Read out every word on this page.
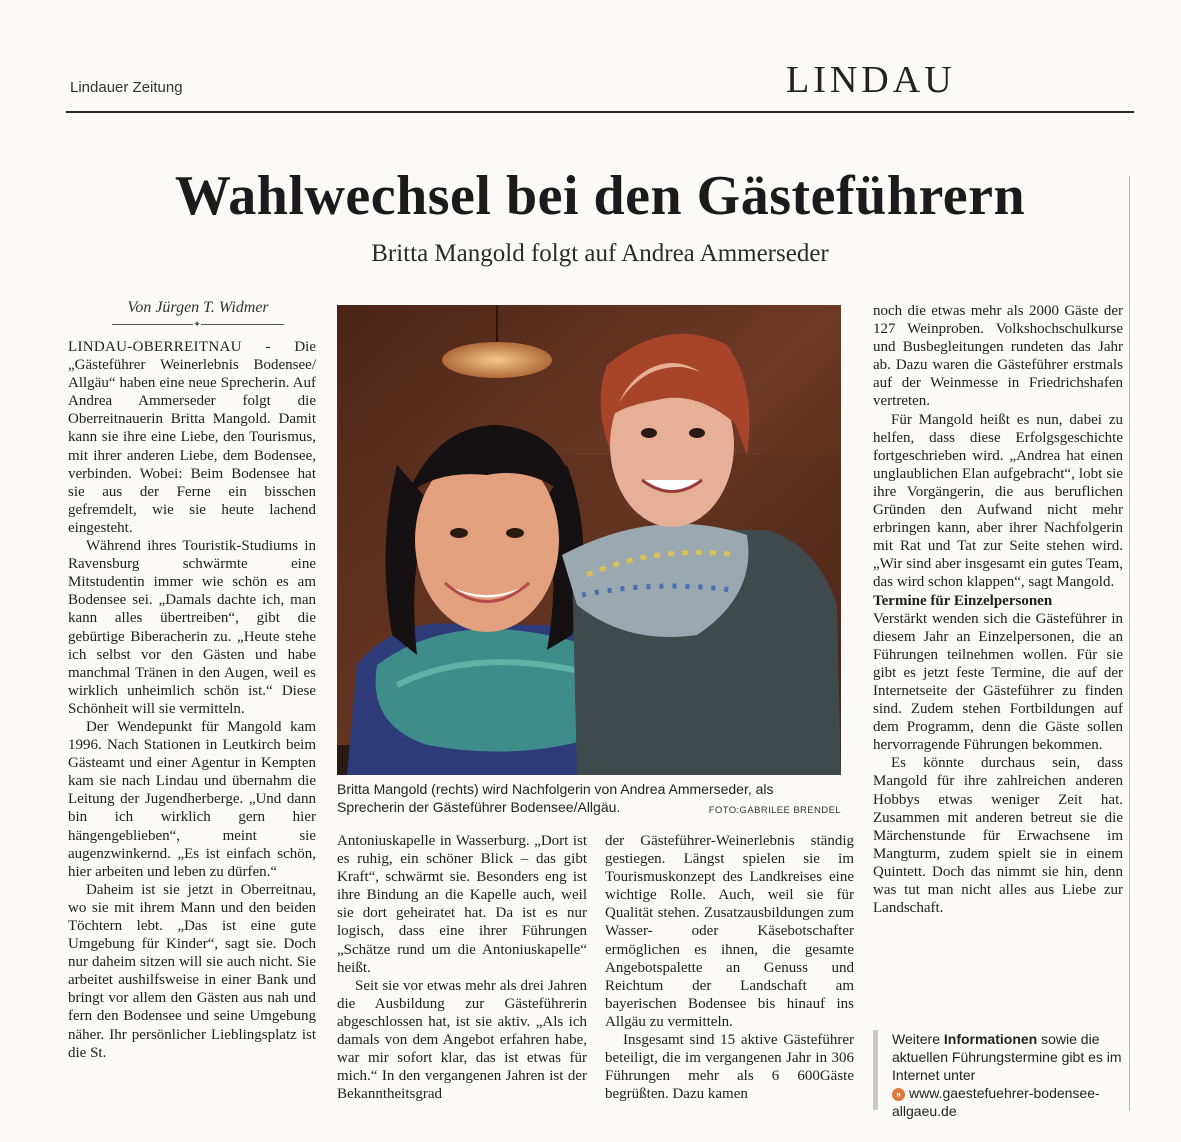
Lindauer Zeitung	LINDAU
Wahlwechsel bei den Gästeführern
Britta Mangold folgt auf Andrea Ammerseder
Von Jürgen T. Widmer
✦

LINDAU-OBERREITNAU - Die „Gästeführer Weinerlebnis Bodensee/ Allgäu“ haben eine neue Sprecherin. Auf Andrea Ammerseder folgt die Oberreitnauerin Britta Mangold. Damit kann sie ihre eine Liebe, den Tourismus, mit ihrer anderen Liebe, dem Bodensee, verbinden. Wobei: Beim Bodensee hat sie aus der Ferne ein bisschen gefremdelt, wie sie heute lachend eingesteht.

Während ihres Touristik-Studiums in Ravensburg schwärmte eine Mitstudentin immer wie schön es am Bodensee sei. „Damals dachte ich, man kann alles übertreiben“, gibt die gebürtige Biberacherin zu. „Heute stehe ich selbst vor den Gästen und habe manchmal Tränen in den Augen, weil es wirklich unheimlich schön ist.“ Diese Schönheit will sie vermitteln.

Der Wendepunkt für Mangold kam 1996. Nach Stationen in Leutkirch beim Gästeamt und einer Agentur in Kempten kam sie nach Lindau und übernahm die Leitung der Jugendherberge. „Und dann bin ich wirklich gern hier hängengeblieben“, meint sie augenzwinkernd. „Es ist einfach schön, hier arbeiten und leben zu dürfen.“

Daheim ist sie jetzt in Oberreitnau, wo sie mit ihrem Mann und den beiden Töchtern lebt. „Das ist eine gute Umgebung für Kinder“, sagt sie. Doch nur daheim sitzen will sie auch nicht. Sie arbeitet aushilfsweise in einer Bank und bringt vor allem den Gästen aus nah und fern den Bodensee und seine Umgebung näher. Ihr persönlicher Lieblingsplatz ist die St.

Britta Mangold (rechts) wird Nachfolgerin von Andrea Ammerseder, als Sprecherin der Gästeführer Bodensee/Allgäu.	FOTO:GABRILEE BRENDEL

Antoniuskapelle in Wasserburg. „Dort ist es ruhig, ein schöner Blick – das gibt Kraft“, schwärmt sie. Besonders eng ist ihre Bindung an die Kapelle auch, weil sie dort geheiratet hat. Da ist es nur logisch, dass eine ihrer Führungen „Schätze rund um die Antoniuskapelle“ heißt.

Seit sie vor etwas mehr als drei Jahren die Ausbildung zur Gästeführerin abgeschlossen hat, ist sie aktiv. „Als ich damals von dem Angebot erfahren habe, war mir sofort klar, das ist etwas für mich.“ In den vergangenen Jahren ist der Bekanntheitsgrad

der Gästeführer-Weinerlebnis ständig gestiegen. Längst spielen sie im Tourismuskonzept des Landkreises eine wichtige Rolle. Auch, weil sie für Qualität stehen. Zusatzausbildungen zum Wasser- oder Käsebotschafter ermöglichen es ihnen, die gesamte Angebotspalette an Genuss und Reichtum der Landschaft am bayerischen Bodensee bis hinauf ins Allgäu zu vermitteln.

Insgesamt sind 15 aktive Gästeführer beteiligt, die im vergangenen Jahr in 306 Führungen mehr als 6 600Gäste begrüßten. Dazu kamen

noch die etwas mehr als 2000 Gäste der 127 Weinproben. Volkshochschulkurse und Busbegleitungen rundeten das Jahr ab. Dazu waren die Gästeführer erstmals auf der Weinmesse in Friedrichshafen vertreten.

Für Mangold heißt es nun, dabei zu helfen, dass diese Erfolgsgeschichte fortgeschrieben wird. „Andrea hat einen unglaublichen Elan aufgebracht“, lobt sie ihre Vorgängerin, die aus beruflichen Gründen den Aufwand nicht mehr erbringen kann, aber ihrer Nachfolgerin mit Rat und Tat zur Seite stehen wird. „Wir sind aber insgesamt ein gutes Team, das wird schon klappen“, sagt Mangold.

Termine für Einzelpersonen

Verstärkt wenden sich die Gästeführer in diesem Jahr an Einzelpersonen, die an Führungen teilnehmen wollen. Für sie gibt es jetzt feste Termine, die auf der Internetseite der Gästeführer zu finden sind. Zudem stehen Fortbildungen auf dem Programm, denn die Gäste sollen hervorragende Führungen bekommen.

Es könnte durchaus sein, dass Mangold für ihre zahlreichen anderen Hobbys etwas weniger Zeit hat. Zusammen mit anderen betreut sie die Märchenstunde für Erwachsene im Mangturm, zudem spielt sie in einem Quintett. Doch das nimmt sie hin, denn was tut man nicht alles aus Liebe zur Landschaft.

Weitere Informationen sowie die aktuellen Führungstermine gibt es im Internet unter
» www.gaestefuehrer-bodensee-allgaeu.de
